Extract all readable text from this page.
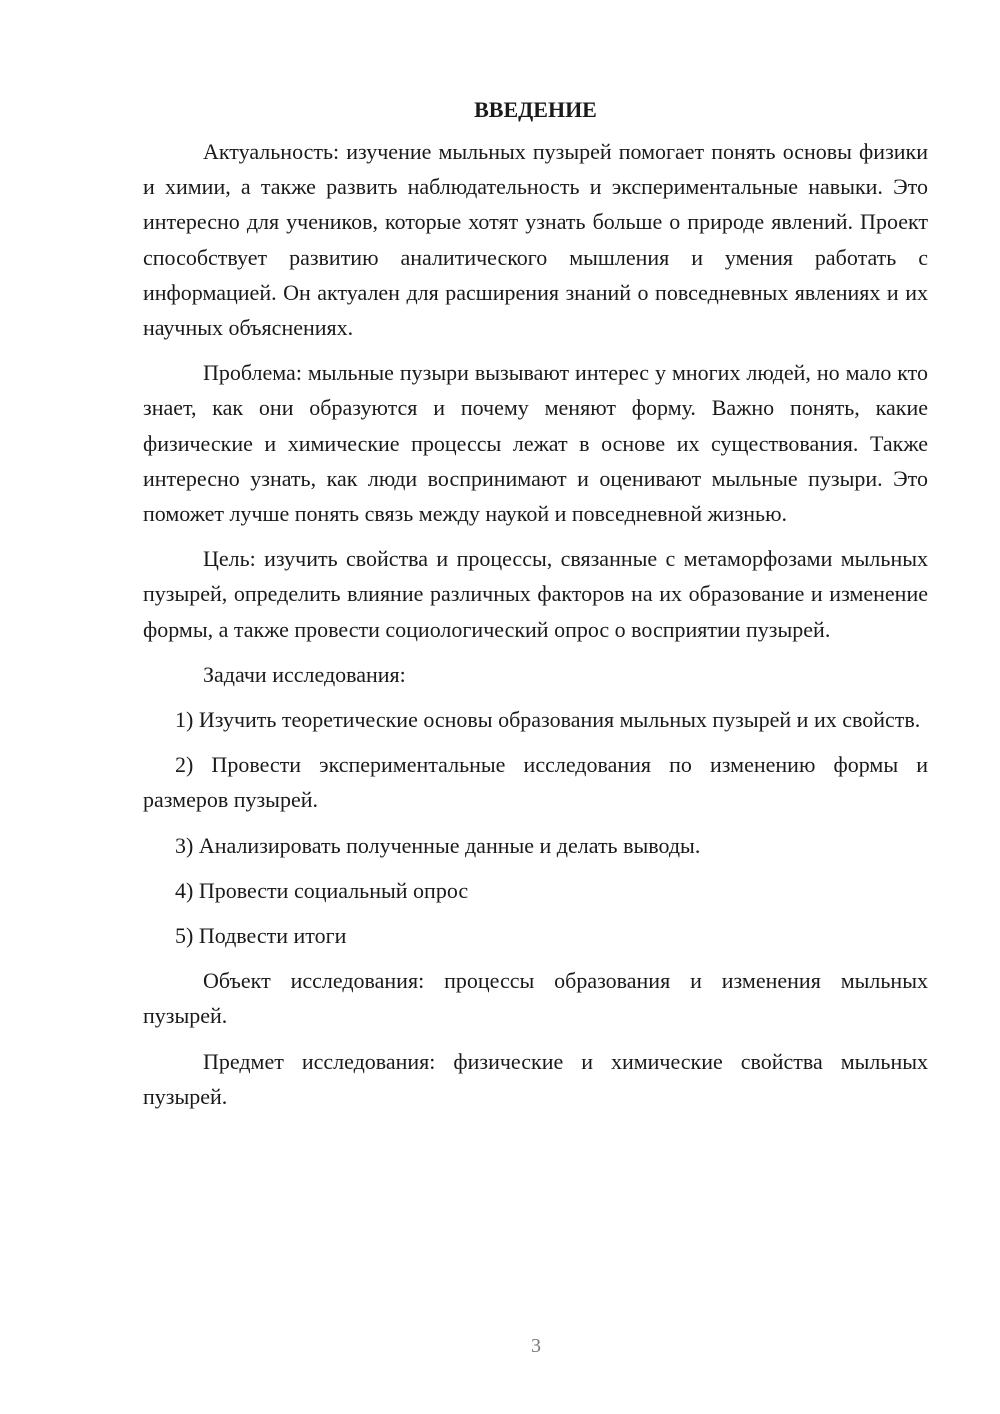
ВВЕДЕНИЕ

Актуальность: изучение мыльных пузырей помогает понять основы физики и химии, а также развить наблюдательность и экспериментальные навыки. Это интересно для учеников, которые хотят узнать больше о природе явлений. Проект способствует развитию аналитического мышления и умения работать с информацией. Он актуален для расширения знаний о повседневных явлениях и их научных объяснениях.

Проблема: мыльные пузыри вызывают интерес у многих людей, но мало кто знает, как они образуются и почему меняют форму. Важно понять, какие физические и химические процессы лежат в основе их существования. Также интересно узнать, как люди воспринимают и оценивают мыльные пузыри. Это поможет лучше понять связь между наукой и повседневной жизнью.

Цель: изучить свойства и процессы, связанные с метаморфозами мыльных пузырей, определить влияние различных факторов на их образование и изменение формы, а также провести социологический опрос о восприятии пузырей.

Задачи исследования:

1) Изучить теоретические основы образования мыльных пузырей и их свойств.

2) Провести экспериментальные исследования по изменению формы и размеров пузырей.

3) Анализировать полученные данные и делать выводы.

4) Провести социальный опрос

5) Подвести итоги

Объект исследования: процессы образования и изменения мыльных пузырей.

Предмет исследования: физические и химические свойства мыльных пузырей.

3
